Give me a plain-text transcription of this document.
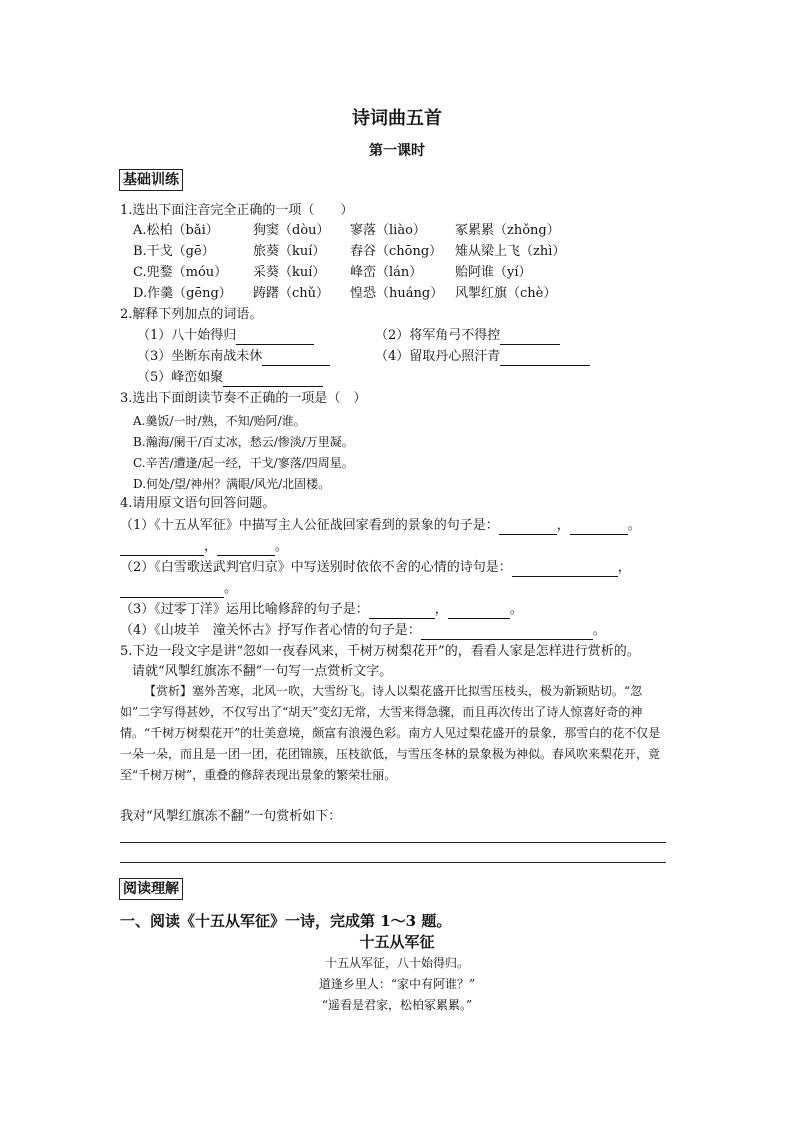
诗词曲五首
第一课时
基础训练
1.选出下面注音完全正确的一项（　　）
A.松柏（bǎi）	狗窦（dòu） 寥落（liào） 冢累累（zhǒng）
B.干戈（gē）	旅葵（kuí） 舂谷（chōng） 雉从梁上飞（zhì）
C.兜鍪（móu） 采葵（kuí） 峰峦（lán）	贻阿谁（yí）
D.作羹（gēng） 踌躇（chǔ） 惶恐（huáng） 风掣红旗（chè）
2.解释下列加点的词语。
（1）八十始得归	（2）将军角弓不得控
（3）坐断东南战未休	（4）留取丹心照汗青
（5）峰峦如聚
3.选出下面朗读节奏不正确的一项是（　）
A.羹饭/一时/熟，不知/贻阿/谁。
B.瀚海/阑干/百丈冰，愁云/惨淡/万里凝。
C.辛苦/遭逢/起一经，干戈/寥落/四周星。
D.何处/望/神州？满眼/风光/北固楼。
4.请用原文语句回答问题。
（1）《十五从军征》中描写主人公征战回家看到的景象的句子是：	，	。
，	。
（2）《白雪歌送武判官归京》中写送别时依依不舍的心情的诗句是：	，
。
（3）《过零丁洋》运用比喻修辞的句子是：	，	。
（4）《山坡羊　潼关怀古》抒写作者心情的句子是：	。
5.下边一段文字是讲“忽如一夜春风来，千树万树梨花开”的，看看人家是怎样进行赏析的。
请就“风掣红旗冻不翻”一句写一点赏析文字。
【赏析】塞外苦寒，北风一吹，大雪纷飞。诗人以梨花盛开比拟雪压枝头，极为新颖贴切。“忽如”二字写得甚妙，不仅写出了“胡天”变幻无常，大雪来得急骤，而且再次传出了诗人惊喜好奇的神情。“千树万树梨花开”的壮美意境，颇富有浪漫色彩。南方人见过梨花盛开的景象，那雪白的花不仅是一朵一朵，而且是一团一团，花团锦簇，压枝欲低，与雪压冬林的景象极为神似。春风吹来梨花开，竟至“千树万树”，重叠的修辞表现出景象的繁荣壮丽。
我对“风掣红旗冻不翻”一句赏析如下：
阅读理解
一、阅读《十五从军征》一诗，完成第 1～3 题。
十五从军征
十五从军征，八十始得归。
道逢乡里人：“家中有阿谁？”
“遥看是君家，松柏冢累累。”
